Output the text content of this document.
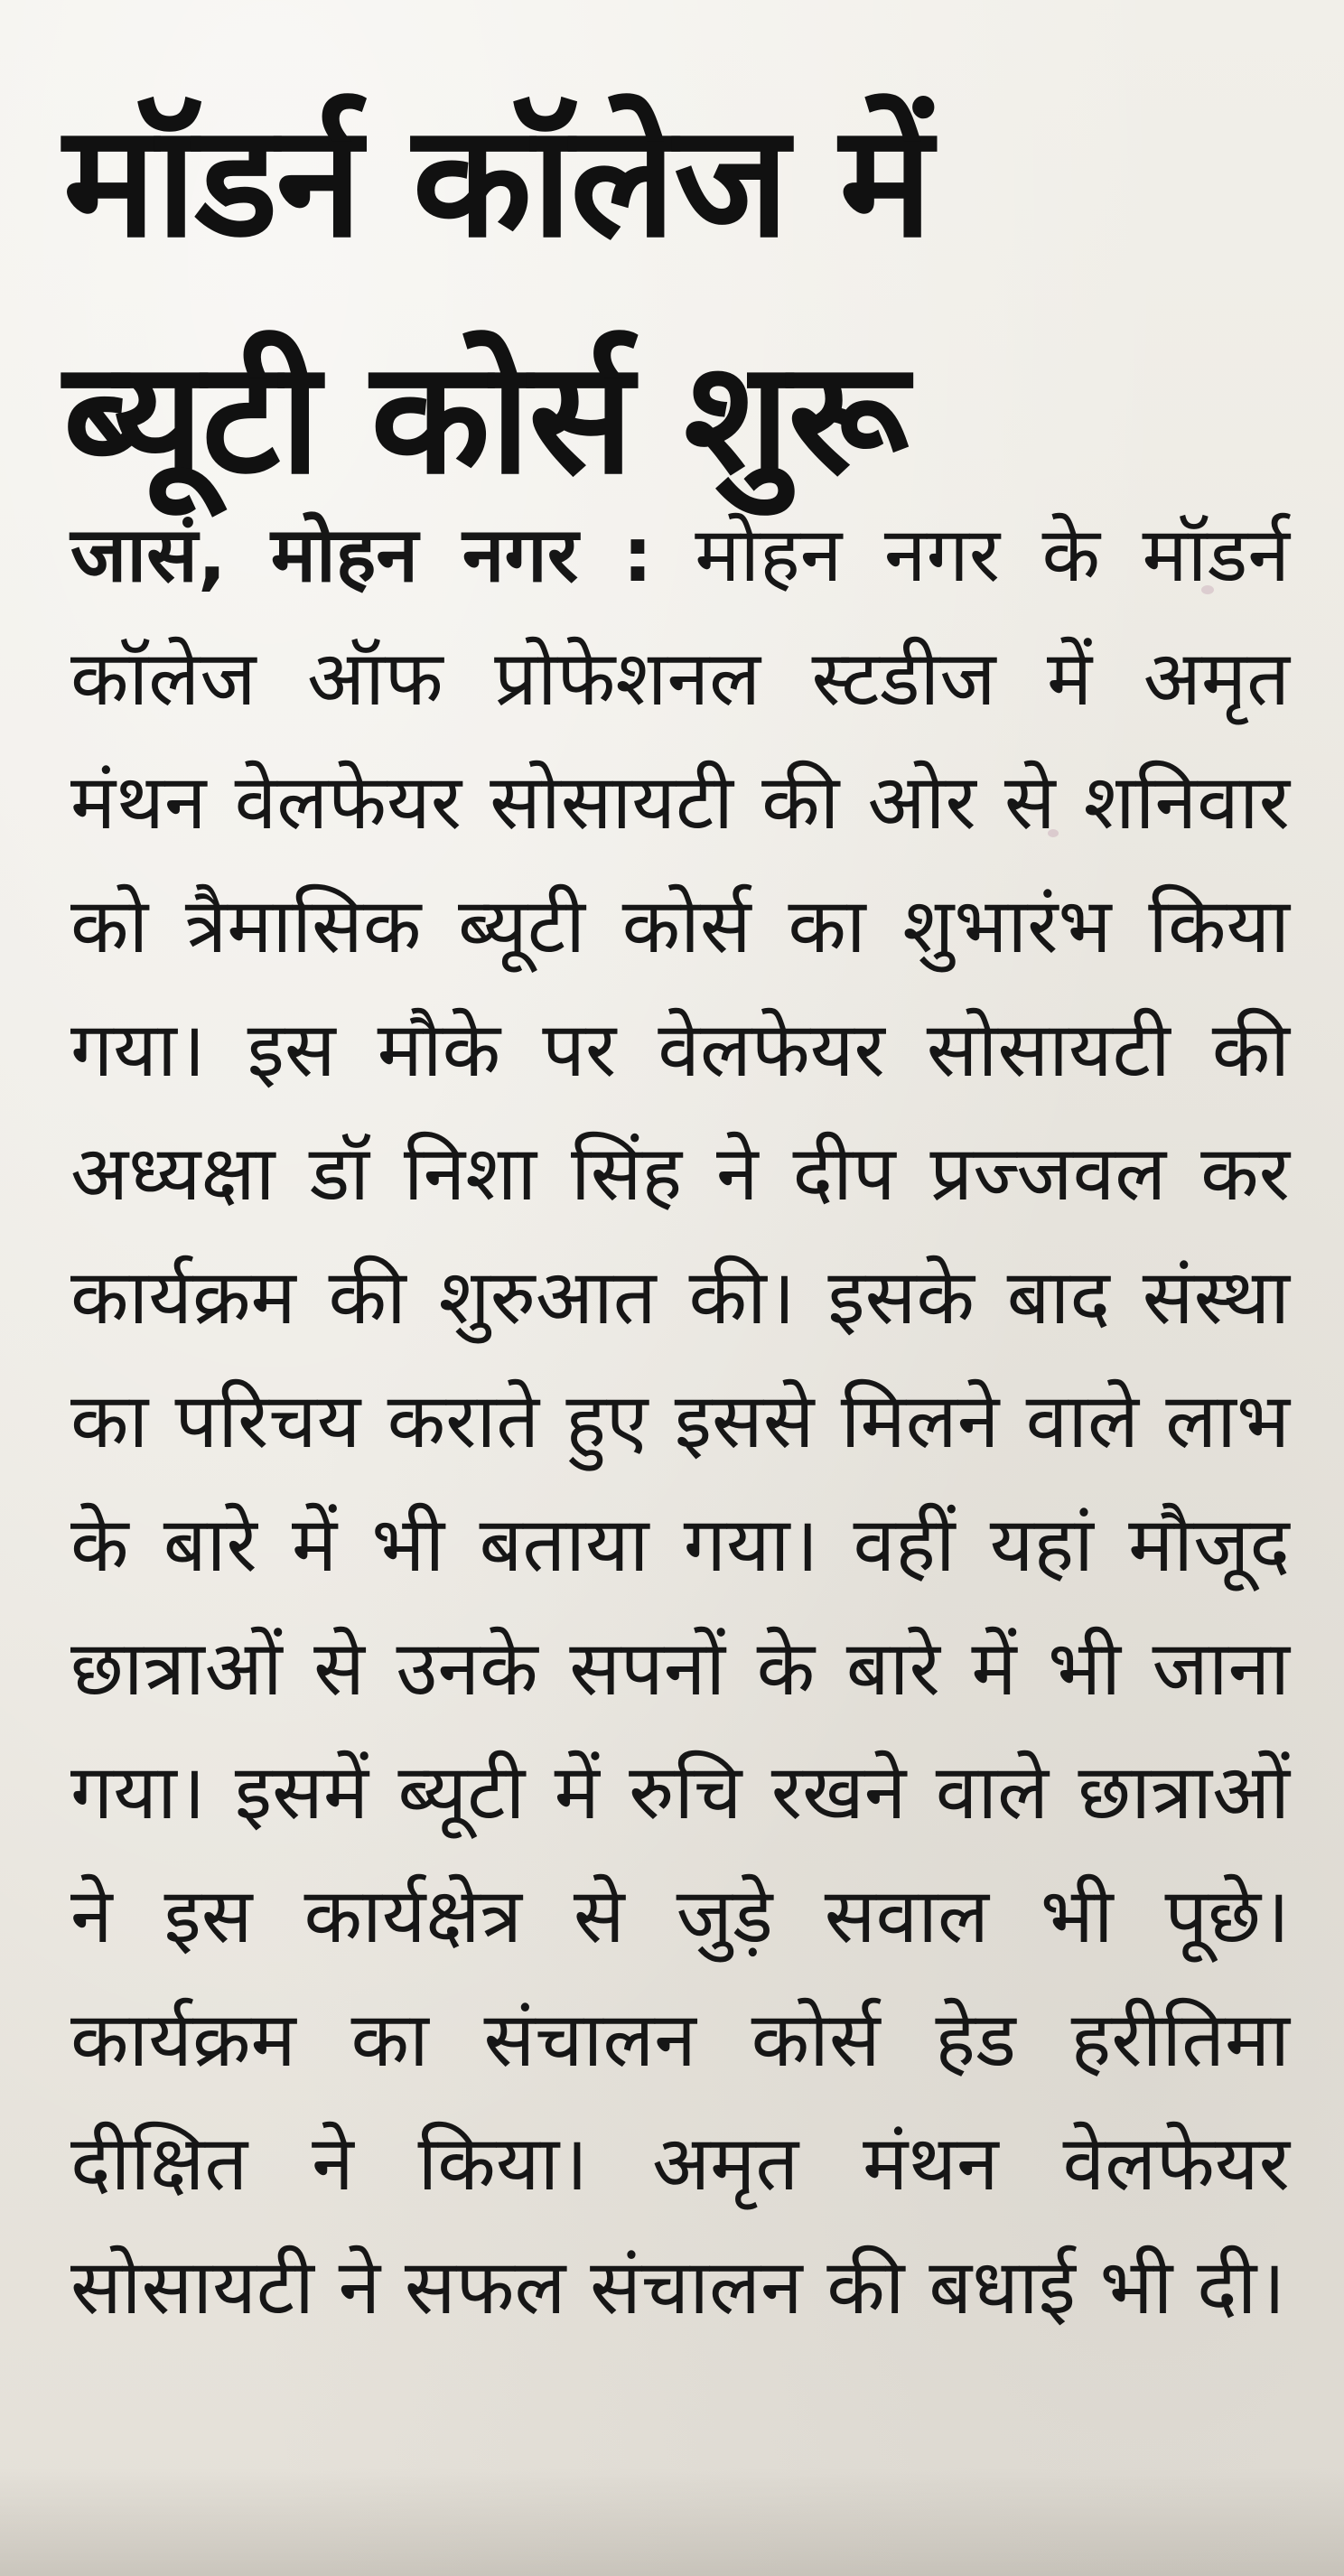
मॉडर्न कॉलेज में
ब्यूटी कोर्स शुरू

जासं, मोहन नगर : मोहन नगर के मॉडर्न कॉलेज ऑफ प्रोफेशनल स्टडीज में अमृत मंथन वेलफेयर सोसायटी की ओर से शनिवार को त्रैमासिक ब्यूटी कोर्स का शुभारंभ किया गया। इस मौके पर वेलफेयर सोसायटी की अध्यक्षा डॉ निशा सिंह ने दीप प्रज्जवल कर कार्यक्रम की शुरुआत की। इसके बाद संस्था का परिचय कराते हुए इससे मिलने वाले लाभ के बारे में भी बताया गया। वहीं यहां मौजूद छात्राओं से उनके सपनों के बारे में भी जाना गया। इसमें ब्यूटी में रुचि रखने वाले छात्राओं ने इस कार्यक्षेत्र से जुड़े सवाल भी पूछे। कार्यक्रम का संचालन कोर्स हेड हरीतिमा दीक्षित ने किया। अमृत मंथन वेलफेयर सोसायटी ने सफल संचालन की बधाई भी दी।
